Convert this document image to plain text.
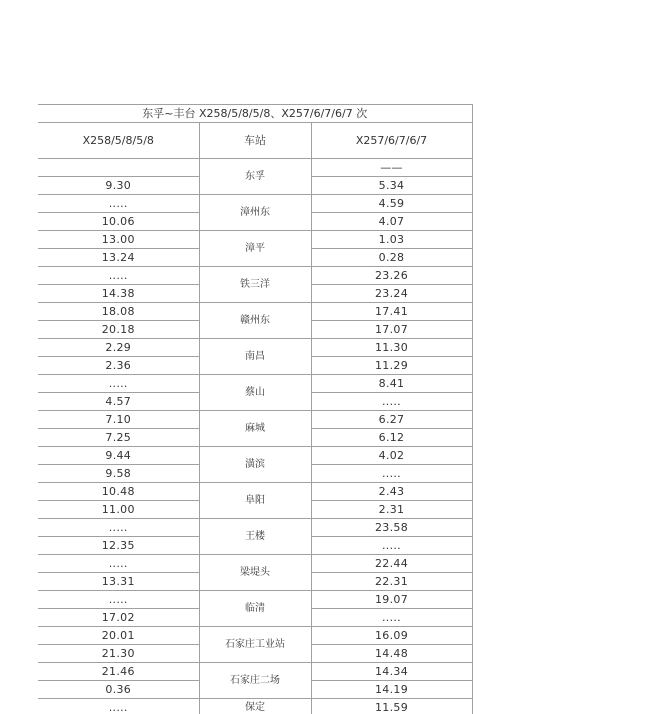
东孚~丰台 X258/5/8/5/8、X257/6/7/6/7 次		
X258/5/8/5/8	车站	X257/6/7/6/7
	东孚	——
9.30		5.34
.....	漳州东	4.59
10.06		4.07
13.00	漳平	1.03
13.24		0.28
.....	铁三洋	23.26
14.38		23.24
18.08	赣州东	17.41
20.18		17.07
2.29	南昌	11.30
2.36		11.29
.....	蔡山	8.41
4.57		.....
7.10	麻城	6.27
7.25		6.12
9.44	潢滨	4.02
9.58		.....
10.48	阜阳	2.43
11.00		2.31
.....	王楼	23.58
12.35		.....
.....	梁堤头	22.44
13.31		22.31
.....	临清	19.07
17.02		.....
20.01	石家庄工业站	16.09
21.30		14.48
21.46	石家庄二场	14.34
0.36		14.19
.....	保定	11.59
